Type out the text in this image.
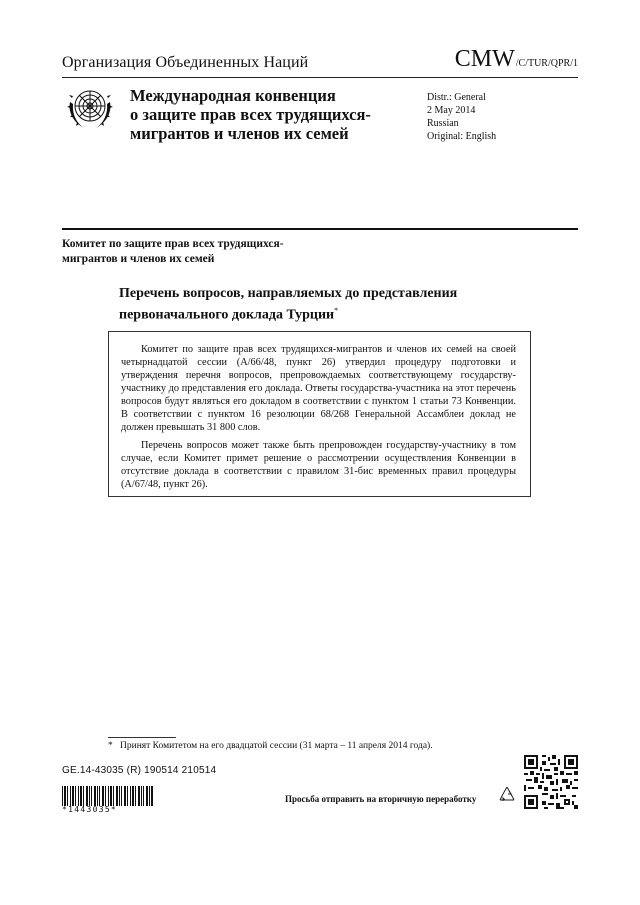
Организация Объединенных Наций	CMW/C/TUR/QPR/1
Международная конвенция
о защите прав всех трудящихся-
мигрантов и членов их семей
Distr.: General
2 May 2014
Russian
Original: English
Комитет по защите прав всех трудящихся-
мигрантов и членов их семей
Перечень вопросов, направляемых до представления
первоначального доклада Турции*

Комитет по защите прав всех трудящихся-мигрантов и членов их семей на своей четырнадцатой сессии (A/66/48, пункт 26) утвердил процедуру подготовки и утверждения перечня вопросов, препровождаемых соответствующему государству-участнику до представления его доклада. Ответы государства-участника на этот перечень вопросов будут являться его докладом в соответствии с пунктом 1 статьи 73 Конвенции. В соответствии с пунктом 16 резолюции 68/268 Генеральной Ассамблеи доклад не должен превышать 31 800 слов.

Перечень вопросов может также быть препровожден государству-участнику в том случае, если Комитет примет решение о рассмотрении осуществления Конвенции в отсутствие доклада в соответствии с правилом 31-бис временных правил процедуры (A/67/48, пункт 26).

* Принят Комитетом на его двадцатой сессии (31 марта – 11 апреля 2014 года).
GE.14-43035 (R) 190514 210514
*1443035*
Просьба отправить на вторичную переработку
